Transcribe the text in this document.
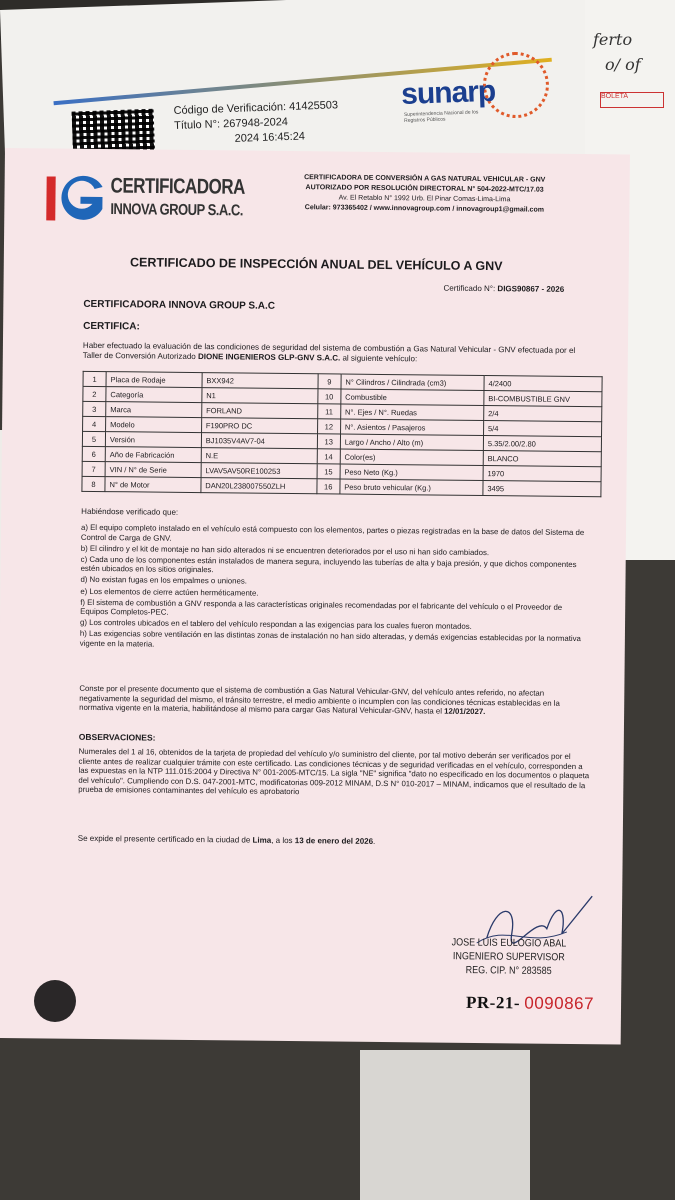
Código de Verificación: 41425503
Título N°: 267948-2024
2024 16:45:24
sunarp
Superintendencia Nacional de los Registros Públicos
ferto
o/ of
BOLETA
CERTIFICADORA
INNOVA GROUP S.A.C.
CERTIFICADORA DE CONVERSIÓN A GAS NATURAL VEHICULAR - GNV
AUTORIZADO POR RESOLUCIÓN DIRECTORAL N° 504-2022-MTC/17.03
Av. El Retablo N° 1992 Urb. El Pinar Comas-Lima-Lima
Celular: 973365402 / www.innovagroup.com / innovagroup1@gmail.com
CERTIFICADO DE INSPECCIÓN ANUAL DEL VEHÍCULO A GNV
Certificado N°: DIGS90867 - 2026
CERTIFICADORA INNOVA GROUP S.A.C
CERTIFICA:
Haber efectuado la evaluación de las condiciones de seguridad del sistema de combustión a Gas Natural Vehicular - GNV efectuada por el Taller de Conversión Autorizado DIONE INGENIEROS GLP-GNV S.A.C. al siguiente vehículo:
1	Placa de Rodaje	BXX942	9	N° Cilindros / Cilindrada (cm3)	4/2400
2	Categoría	N1	10	Combustible	BI-COMBUSTIBLE GNV
3	Marca	FORLAND	11	N°. Ejes / N°. Ruedas	2/4
4	Modelo	F190PRO DC	12	N°. Asientos / Pasajeros	5/4
5	Versión	BJ1035V4AV7-04	13	Largo / Ancho / Alto (m)	5.35/2.00/2.80
6	Año de Fabricación	N.E	14	Color(es)	BLANCO
7	VIN / N° de Serie	LVAV5AV50RE100253	15	Peso Neto (Kg.)	1970
8	N° de Motor	DAN20L238007550ZLH	16	Peso bruto vehicular (Kg.)	3495
Habiéndose verificado que:

a) El equipo completo instalado en el vehículo está compuesto con los elementos, partes o piezas registradas en la base de datos del Sistema de Control de Carga de GNV.

b) El cilindro y el kit de montaje no han sido alterados ni se encuentren deteriorados por el uso ni han sido cambiados.

c) Cada uno de los componentes están instalados de manera segura, incluyendo las tuberías de alta y baja presión, y que dichos componentes estén ubicados en los sitios originales.

d) No existan fugas en los empalmes o uniones.

e) Los elementos de cierre actúen herméticamente.

f) El sistema de combustión a GNV responda a las características originales recomendadas por el fabricante del vehículo o el Proveedor de Equipos Completos-PEC.

g) Los controles ubicados en el tablero del vehículo respondan a las exigencias para los cuales fueron montados.

h) Las exigencias sobre ventilación en las distintas zonas de instalación no han sido alteradas, y demás exigencias establecidas por la normativa vigente en la materia.

Conste por el presente documento que el sistema de combustión a Gas Natural Vehicular-GNV, del vehículo antes referido, no afectan negativamente la seguridad del mismo, el tránsito terrestre, el medio ambiente o incumplen con las condiciones técnicas establecidas en la normativa vigente en la materia, habilitándose al mismo para cargar Gas Natural Vehicular-GNV, hasta el 12/01/2027.
OBSERVACIONES:
Numerales del 1 al 16, obtenidos de la tarjeta de propiedad del vehículo y/o suministro del cliente, por tal motivo deberán ser verificados por el cliente antes de realizar cualquier trámite con este certificado. Las condiciones técnicas y de seguridad verificadas en el vehículo, corresponden a las expuestas en la NTP 111.015:2004 y Directiva N° 001-2005-MTC/15. La sigla "NE" significa "dato no especificado en los documentos o plaqueta del vehículo". Cumpliendo con D.S. 047-2001-MTC, modificatorias 009-2012 MINAM, D.S N° 010-2017 – MINAM, indicamos que el resultado de la prueba de emisiones contaminantes del vehículo es aprobatorio
Se expide el presente certificado en la ciudad de Lima, a los 13 de enero del 2026.
JOSE LUIS EULOGIO ABAL
INGENIERO SUPERVISOR
REG. CIP. N° 283585
PR-21- 0090867
